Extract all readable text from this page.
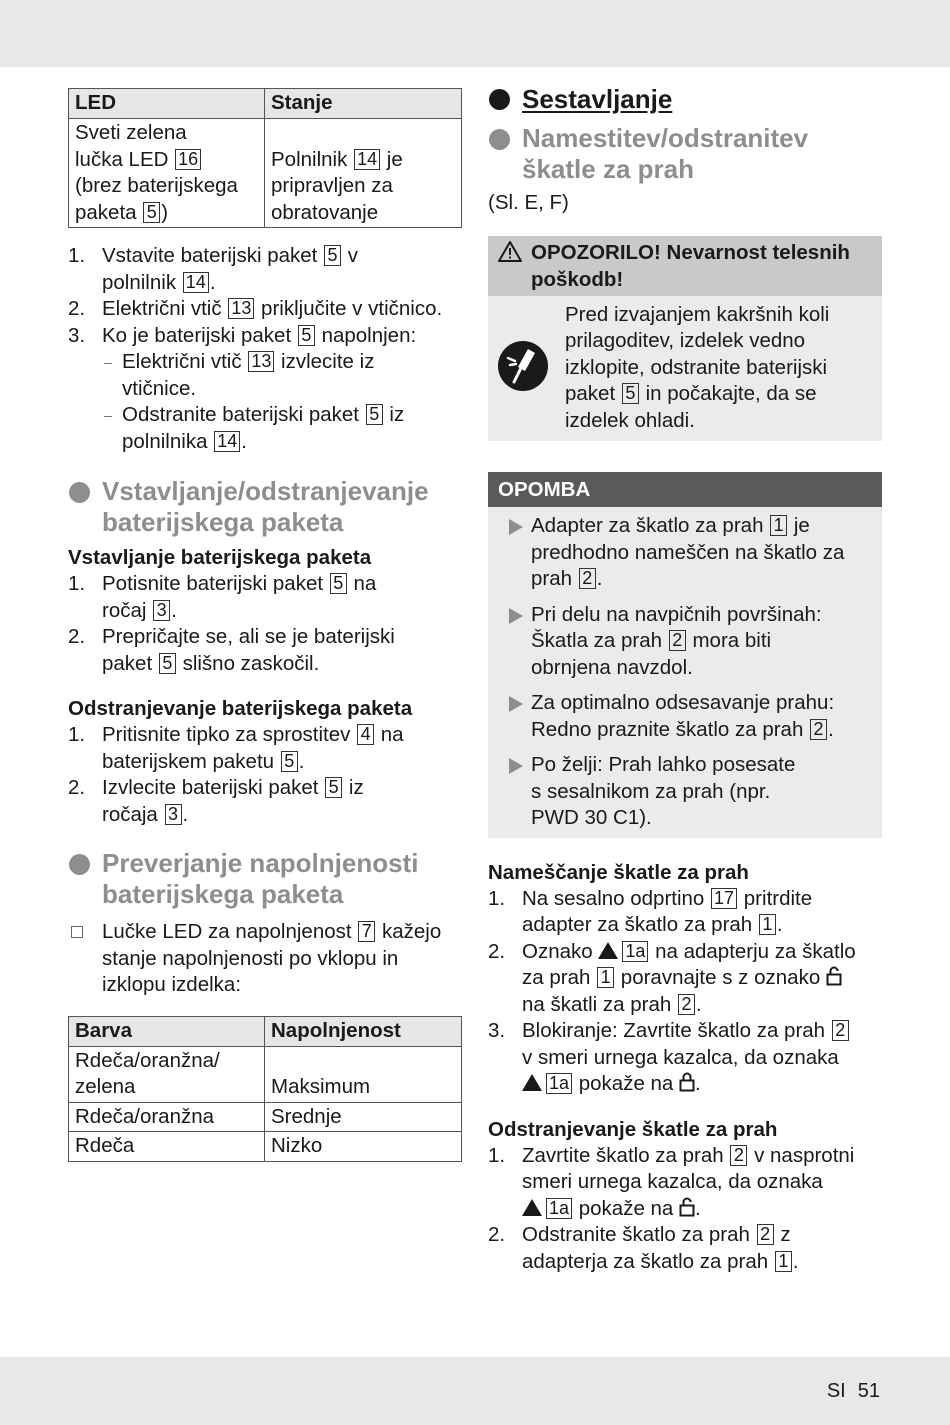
LED	Stanje
Sveti zelena
lučka LED 16
(brez baterijskega
paketa 5 )	Polnilnik 14 je
pripravljen za
obratovanje
1. Vstavite baterijski paket 5 v
polnilnik 14 .
2. Električni vtič 13 priključite v vtičnico.
3. Ko je baterijski paket 5 napolnjen:
– Električni vtič 13 izvlecite iz
vtičnice.
– Odstranite baterijski paket 5 iz
polnilnika 14 .
Vstavljanje/odstranjevanje
baterijskega paketa
Vstavljanje baterijskega paketa
1. Potisnite baterijski paket 5 na
ročaj 3 .
2. Prepričajte se, ali se je baterijski
paket 5 slišno zaskočil.
Odstranjevanje baterijskega paketa
1. Pritisnite tipko za sprostitev 4 na
baterijskem paketu 5 .
2. Izvlecite baterijski paket 5 iz
ročaja 3 .
Preverjanje napolnjenosti
baterijskega paketa
Lučke LED za napolnjenost 7 kažejo
stanje napolnjenosti po vklopu in
izklopu izdelka:
Barva	Napolnjenost
Rdeča/oranžna/
zelena	Maksimum
Rdeča/oranžna	Srednje
Rdeča	Nizko
Sestavljanje
Namestitev/odstranitev
škatle za prah
(Sl. E, F)
OPOZORILO! Nevarnost telesnih
poškodb!
Pred izvajanjem kakršnih koli
prilagoditev, izdelek vedno
izklopite, odstranite baterijski
paket 5 in počakajte, da se
izdelek ohladi.
OPOMBA
Adapter za škatlo za prah 1 je
predhodno nameščen na škatlo za
prah 2 .
Pri delu na navpičnih površinah:
Škatla za prah 2 mora biti
obrnjena navzdol.
Za optimalno odsesavanje prahu:
Redno praznite škatlo za prah 2 .
Po želji: Prah lahko posesate
s sesalnikom za prah (npr.
PWD 30 C1).
Nameščanje škatle za prah
1. Na sesalno odprtino 17 pritrdite
adapter za škatlo za prah 1 .
2. Oznako 1a na adapterju za škatlo
za prah 1 poravnajte s z oznako
na škatli za prah 2 .
3. Blokiranje: Zavrtite škatlo za prah 2
v smeri urnega kazalca, da oznaka
1a pokaže na .
Odstranjevanje škatle za prah
1. Zavrtite škatlo za prah 2 v nasprotni
smeri urnega kazalca, da oznaka
1a pokaže na .
2. Odstranite škatlo za prah 2 z
adapterja za škatlo za prah 1 .
SI 51
